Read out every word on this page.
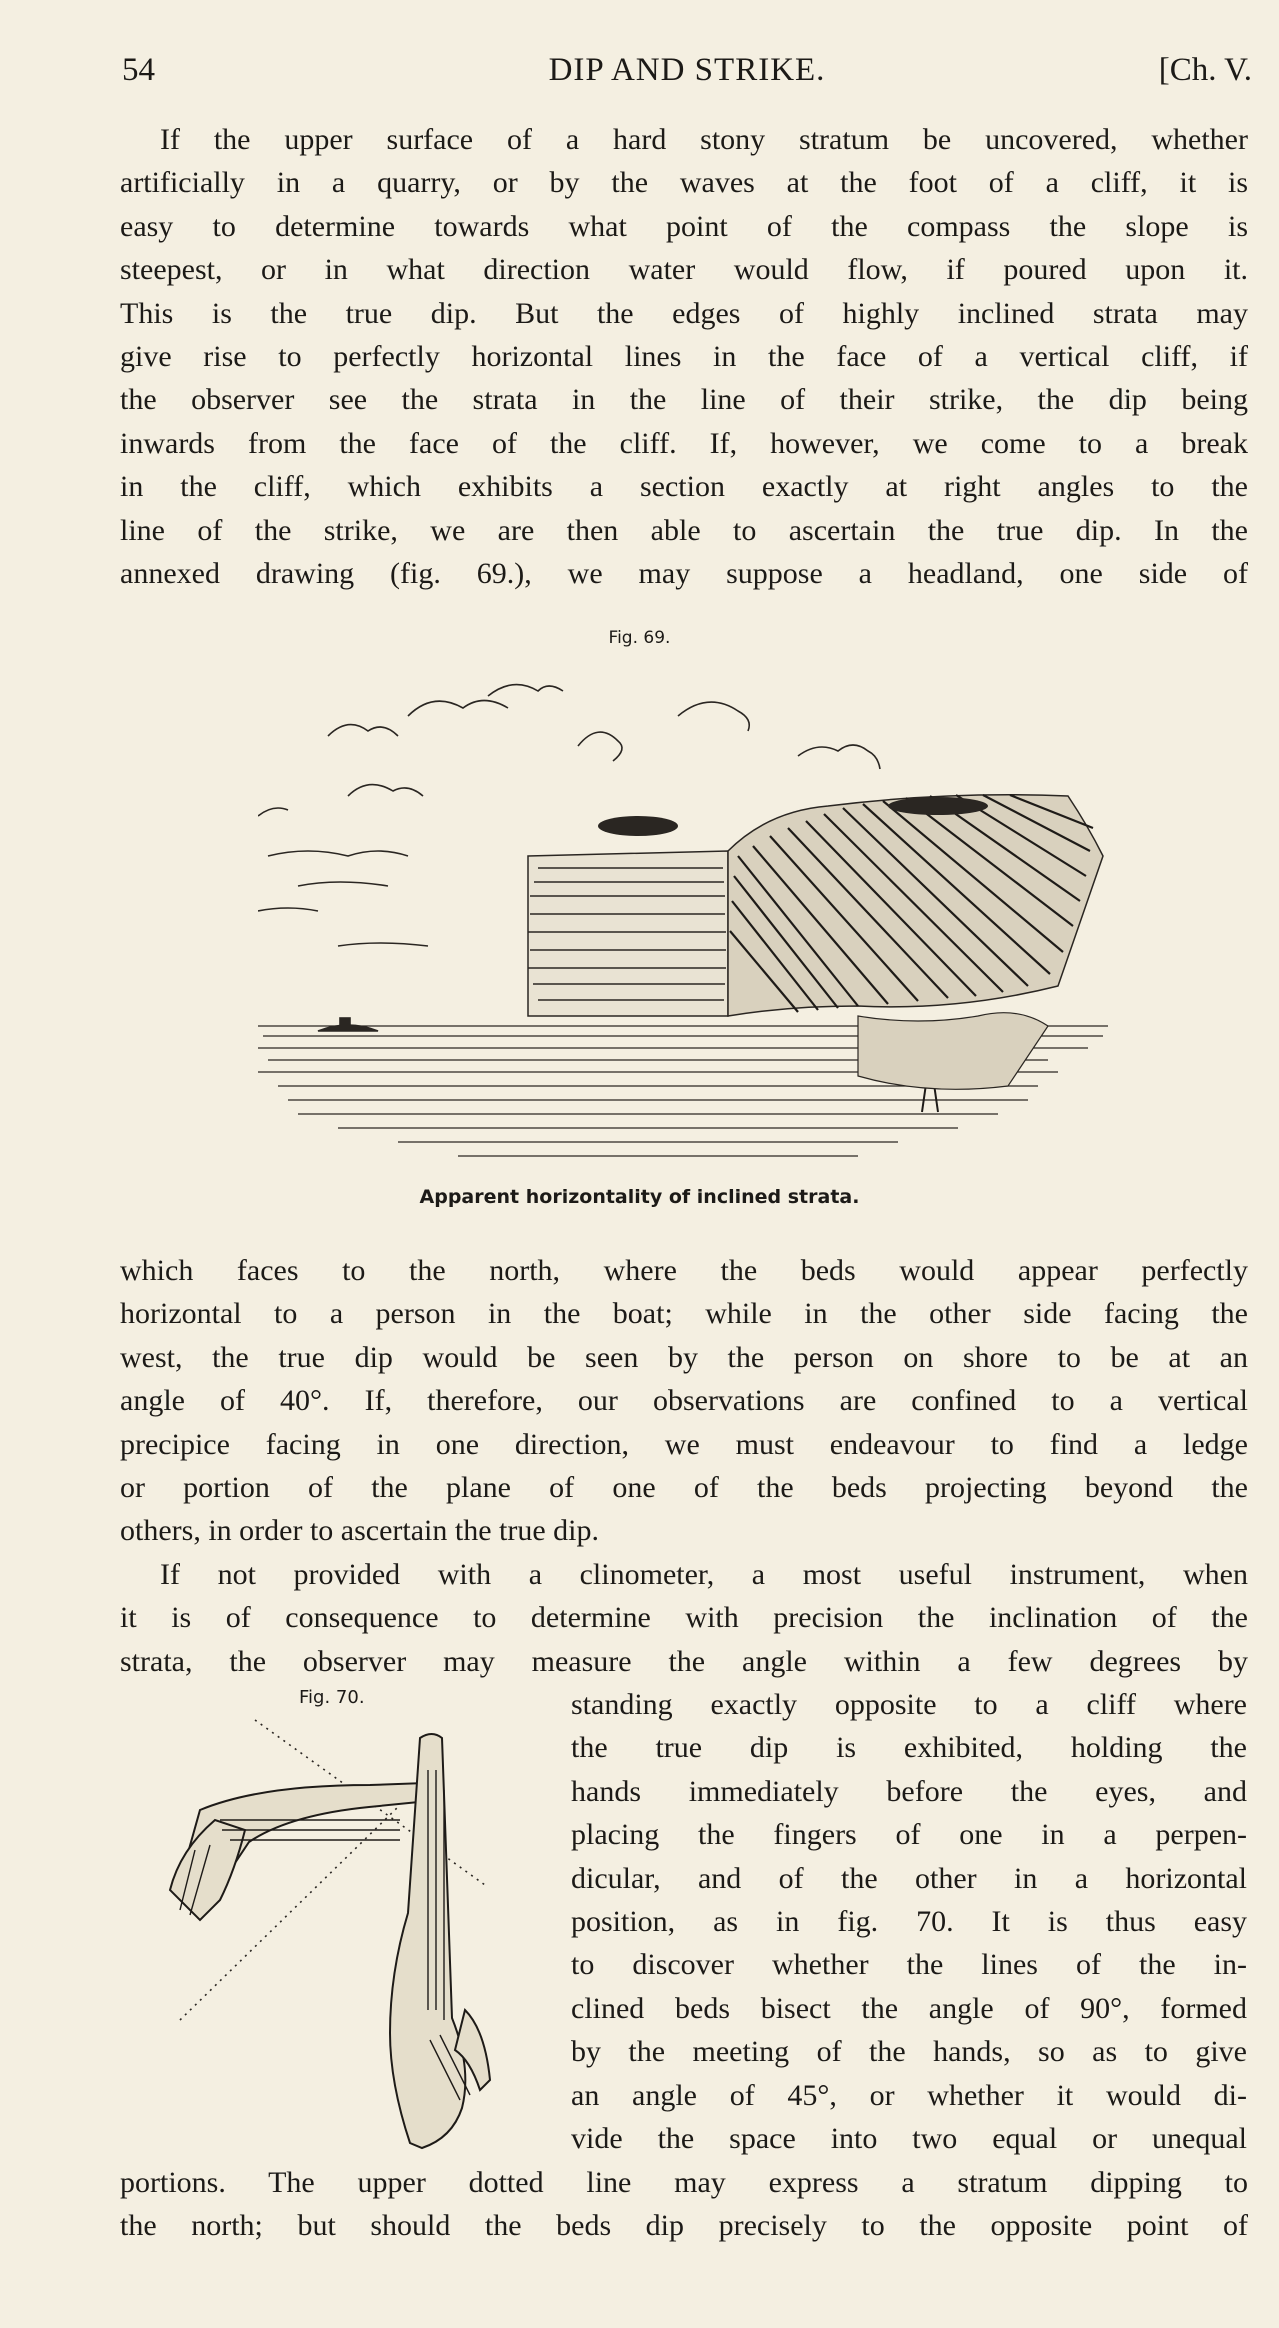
54	DIP AND STRIKE.	[Ch. V.
If the upper surface of a hard stony stratum be uncovered, whether
artificially in a quarry, or by the waves at the foot of a cliff, it is
easy to determine towards what point of the compass the slope is
steepest, or in what direction water would flow, if poured upon it.
This is the true dip. But the edges of highly inclined strata may
give rise to perfectly horizontal lines in the face of a vertical cliff, if
the observer see the strata in the line of their strike, the dip being
inwards from the face of the cliff. If, however, we come to a break
in the cliff, which exhibits a section exactly at right angles to the
line of the strike, we are then able to ascertain the true dip. In the
annexed drawing (fig. 69.), we may suppose a headland, one side of
Fig. 69.
Apparent horizontality of inclined strata.
which faces to the north, where the beds would appear perfectly
horizontal to a person in the boat; while in the other side facing the
west, the true dip would be seen by the person on shore to be at an
angle of 40°. If, therefore, our observations are confined to a vertical
precipice facing in one direction, we must endeavour to find a ledge
or portion of the plane of one of the beds projecting beyond the
others, in order to ascertain the true dip.
If not provided with a clinometer, a most useful instrument, when
it is of consequence to determine with precision the inclination of the
strata, the observer may measure the angle within a few degrees by
Fig. 70.	standing exactly opposite to a cliff where
the true dip is exhibited, holding the
hands immediately before the eyes, and
placing the fingers of one in a perpen-
dicular, and of the other in a horizontal
position, as in fig. 70. It is thus easy
to discover whether the lines of the in-
clined beds bisect the angle of 90°, formed
by the meeting of the hands, so as to give
an angle of 45°, or whether it would di-
vide the space into two equal or unequal
portions. The upper dotted line may express a stratum dipping to
the north; but should the beds dip precisely to the opposite point of
